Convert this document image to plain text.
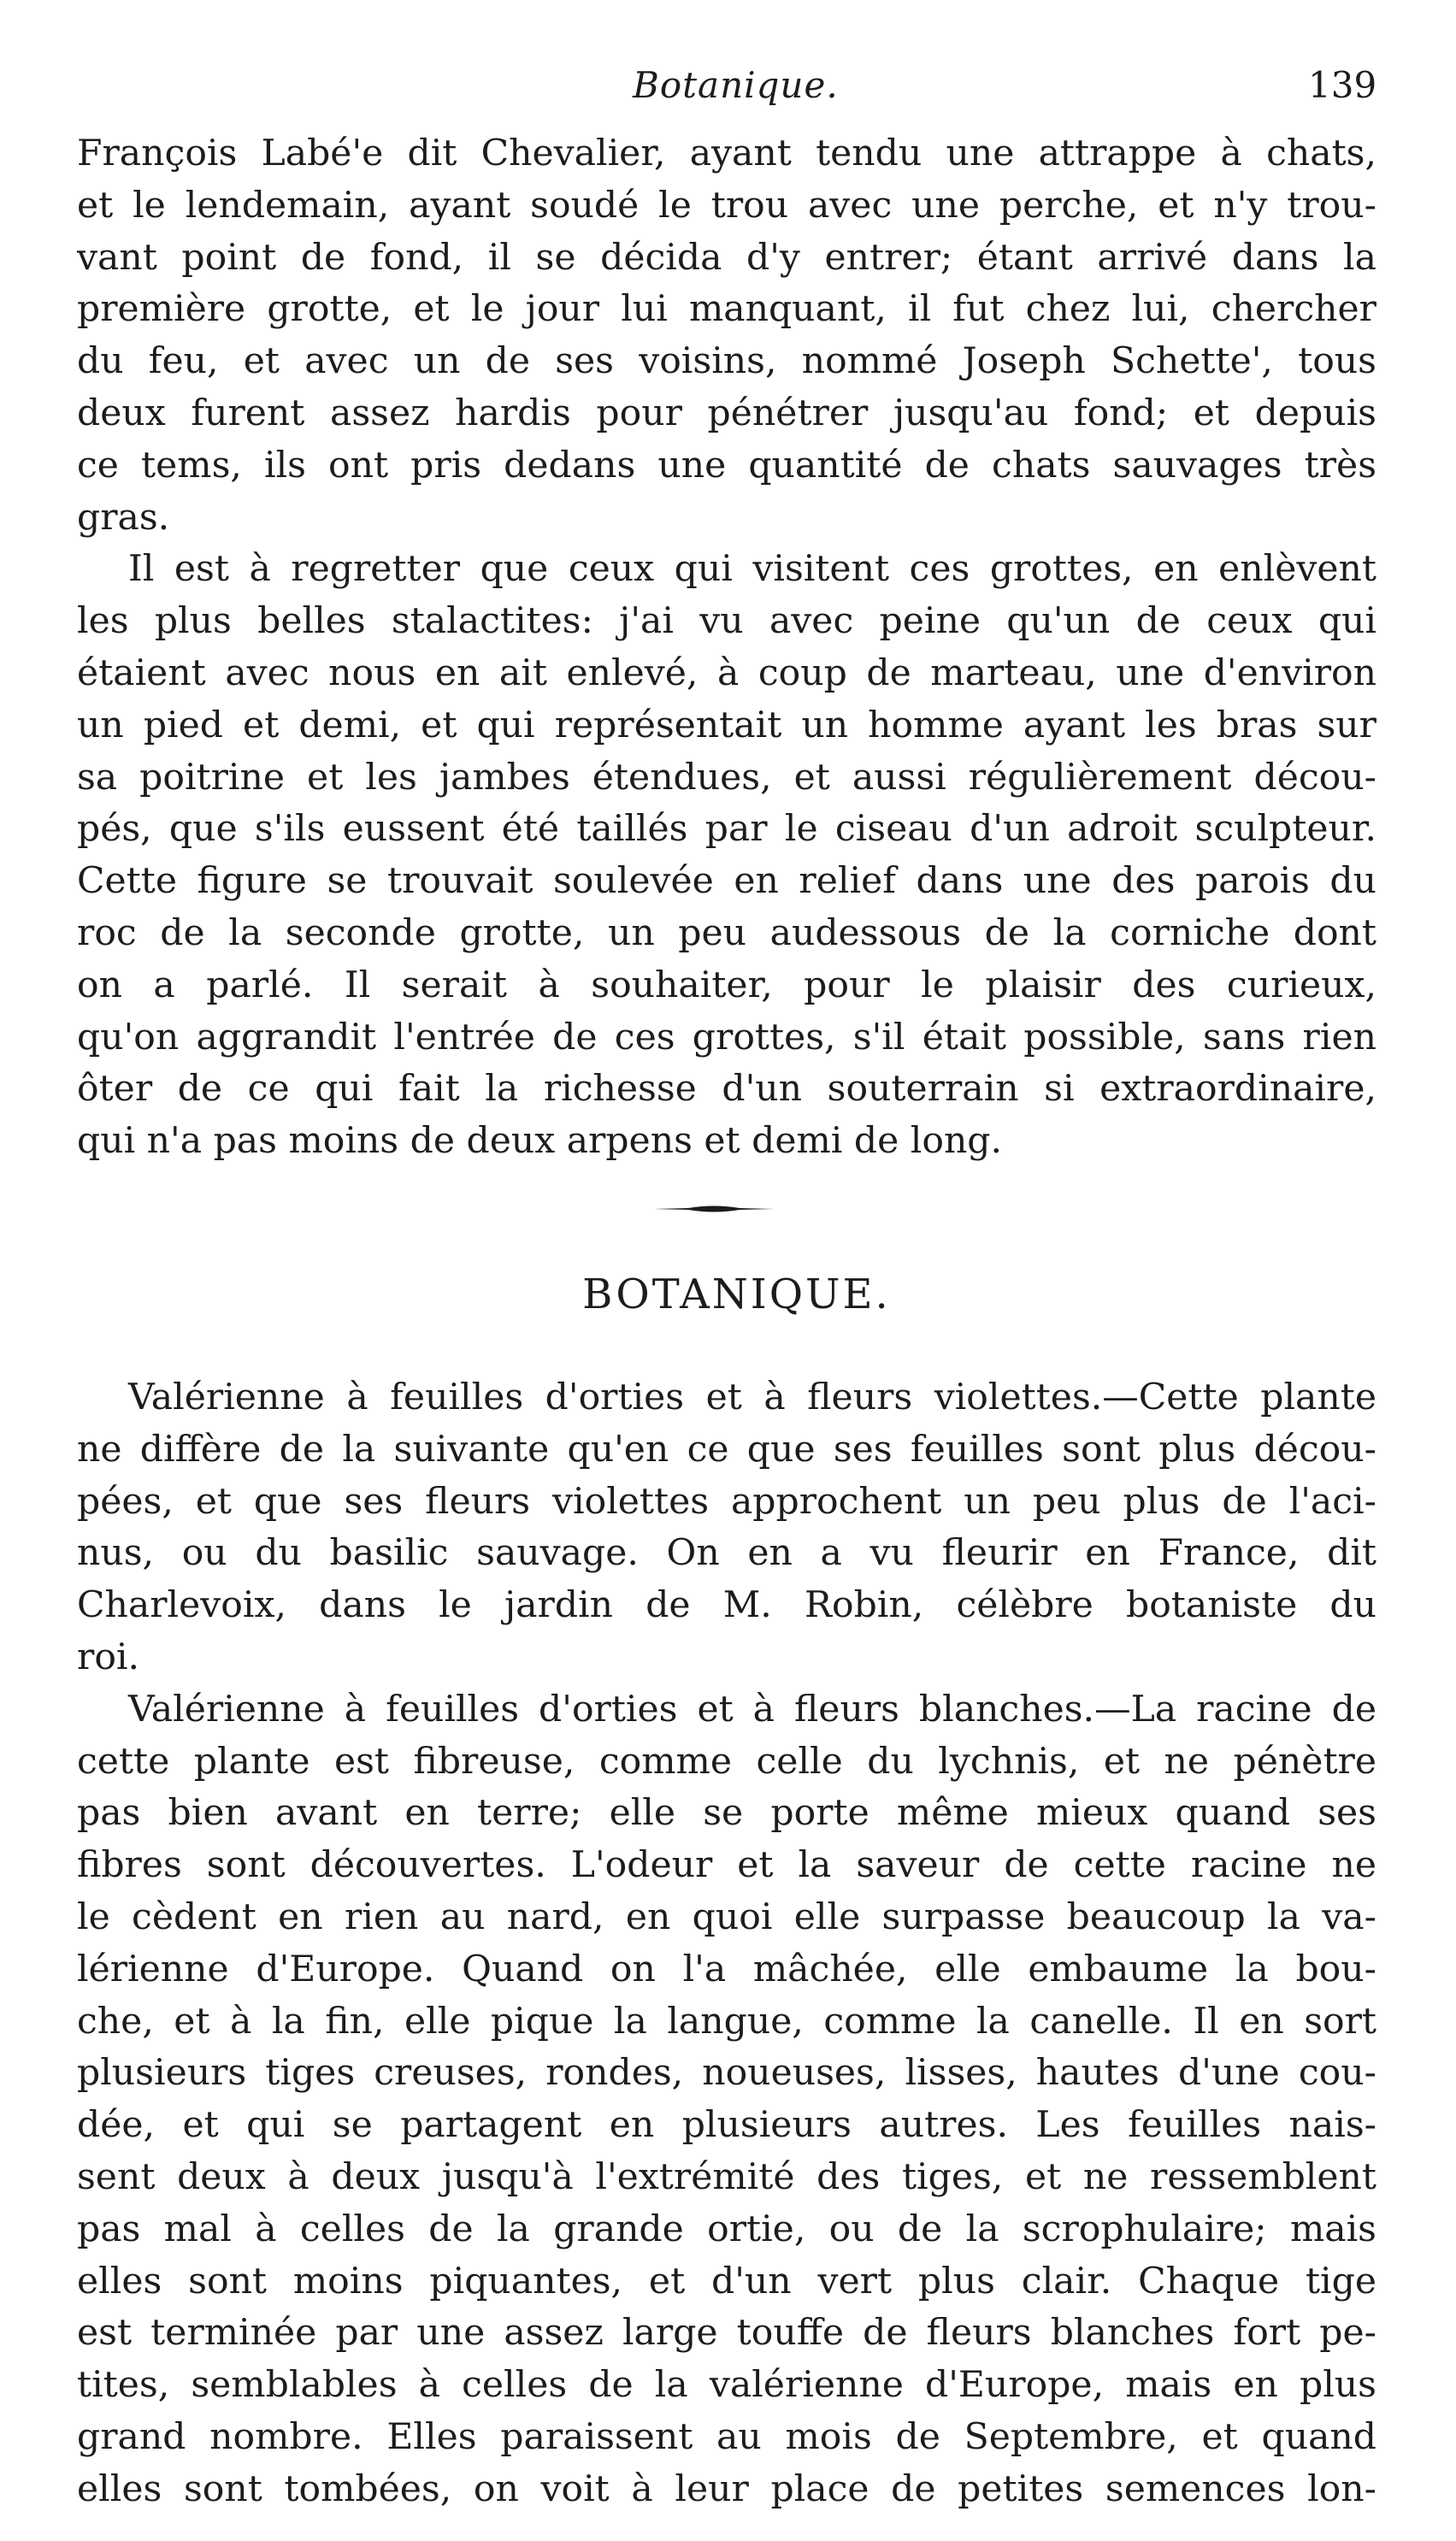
Botanique.	139
François Labé'e dit Chevalier, ayant tendu une attrappe à chats,
et le lendemain, ayant soudé le trou avec une perche, et n'y trou-
vant point de fond, il se décida d'y entrer; étant arrivé dans la
première grotte, et le jour lui manquant, il fut chez lui, chercher
du feu, et avec un de ses voisins, nommé Joseph Schette', tous
deux furent assez hardis pour pénétrer jusqu'au fond; et depuis
ce tems, ils ont pris dedans une quantité de chats sauvages très
gras.
Il est à regretter que ceux qui visitent ces grottes, en enlèvent
les plus belles stalactites: j'ai vu avec peine qu'un de ceux qui
étaient avec nous en ait enlevé, à coup de marteau, une d'environ
un pied et demi, et qui représentait un homme ayant les bras sur
sa poitrine et les jambes étendues, et aussi régulièrement décou-
pés, que s'ils eussent été taillés par le ciseau d'un adroit sculpteur.
Cette figure se trouvait soulevée en relief dans une des parois du
roc de la seconde grotte, un peu audessous de la corniche dont
on a parlé. Il serait à souhaiter, pour le plaisir des curieux,
qu'on aggrandit l'entrée de ces grottes, s'il était possible, sans rien
ôter de ce qui fait la richesse d'un souterrain si extraordinaire,
qui n'a pas moins de deux arpens et demi de long.
BOTANIQUE.
Valérienne à feuilles d'orties et à fleurs violettes.—Cette plante
ne diffère de la suivante qu'en ce que ses feuilles sont plus décou-
pées, et que ses fleurs violettes approchent un peu plus de l'aci-
nus, ou du basilic sauvage. On en a vu fleurir en France, dit
Charlevoix, dans le jardin de M. Robin, célèbre botaniste du
roi.
Valérienne à feuilles d'orties et à fleurs blanches.—La racine de
cette plante est fibreuse, comme celle du lychnis, et ne pénètre
pas bien avant en terre; elle se porte même mieux quand ses
fibres sont découvertes. L'odeur et la saveur de cette racine ne
le cèdent en rien au nard, en quoi elle surpasse beaucoup la va-
lérienne d'Europe. Quand on l'a mâchée, elle embaume la bou-
che, et à la fin, elle pique la langue, comme la canelle. Il en sort
plusieurs tiges creuses, rondes, noueuses, lisses, hautes d'une cou-
dée, et qui se partagent en plusieurs autres. Les feuilles nais-
sent deux à deux jusqu'à l'extrémité des tiges, et ne ressemblent
pas mal à celles de la grande ortie, ou de la scrophulaire; mais
elles sont moins piquantes, et d'un vert plus clair. Chaque tige
est terminée par une assez large touffe de fleurs blanches fort pe-
tites, semblables à celles de la valérienne d'Europe, mais en plus
grand nombre. Elles paraissent au mois de Septembre, et quand
elles sont tombées, on voit à leur place de petites semences lon-
